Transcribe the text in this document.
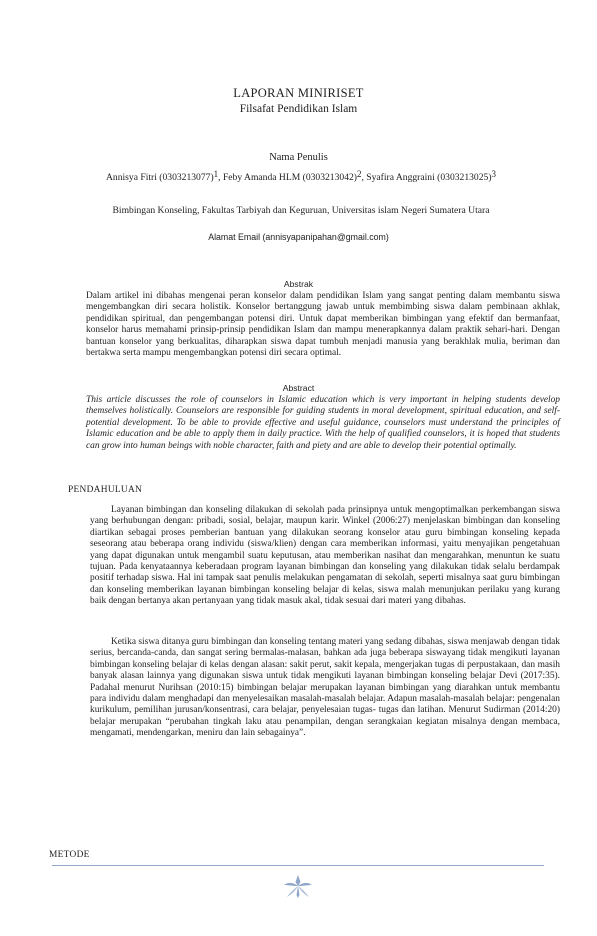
LAPORAN MINIRISET
Filsafat Pendidikan Islam
Nama Penulis
Annisya Fitri $(0303213077)^1$, Feby Amanda HLM $(0303213042)^2$, Syafira Anggraini $(0303213025)^3$
Bimbingan Konseling, Fakultas Tarbiyah dan Keguruan, Universitas islam Negeri Sumatera Utara
Alamat Email (annisyapanipahan@gmail.com)
Abstrak
Dalam artikel ini dibahas mengenai peran konselor dalam pendidikan Islam yang sangat penting dalam membantu siswa mengembangkan diri secara holistik. Konselor bertanggung jawab untuk membimbing siswa dalam pembinaan akhlak, pendidikan spiritual, dan pengembangan potensi diri. Untuk dapat memberikan bimbingan yang efektif dan bermanfaat, konselor harus memahami prinsip-prinsip pendidikan Islam dan mampu menerapkannya dalam praktik sehari-hari. Dengan bantuan konselor yang berkualitas, diharapkan siswa dapat tumbuh menjadi manusia yang berakhlak mulia, beriman dan bertakwa serta mampu mengembangkan potensi diri secara optimal.
Abstract
This article discusses the role of counselors in Islamic education which is very important in helping students develop themselves holistically. Counselors are responsible for guiding students in moral development, spiritual education, and self-potential development. To be able to provide effective and useful guidance, counselors must understand the principles of Islamic education and be able to apply them in daily practice. With the help of qualified counselors, it is hoped that students can grow into human beings with noble character, faith and piety and are able to develop their potential optimally.
PENDAHULUAN
Layanan bimbingan dan konseling dilakukan di sekolah pada prinsipnya untuk mengoptimalkan perkembangan siswa yang berhubungan dengan: pribadi, sosial, belajar, maupun karir. Winkel (2006:27) menjelaskan bimbingan dan konseling diartikan sebagai proses pemberian bantuan yang dilakukan seorang konselor atau guru bimbingan konseling kepada seseorang atau beberapa orang individu (siswa/klien) dengan cara memberikan informasi, yaitu menyajikan pengetahuan yang dapat digunakan untuk mengambil suatu keputusan, atau memberikan nasihat dan mengarahkan, menuntun ke suatu tujuan. Pada kenyataannya keberadaan program layanan bimbingan dan konseling yang dilakukan tidak selalu berdampak positif terhadap siswa. Hal ini tampak saat penulis melakukan pengamatan di sekolah, seperti misalnya saat guru bimbingan dan konseling memberikan layanan bimbingan konseling belajar di kelas, siswa malah menunjukan perilaku yang kurang baik dengan bertanya akan pertanyaan yang tidak masuk akal, tidak sesuai dari materi yang dibahas.
Ketika siswa ditanya guru bimbingan dan konseling tentang materi yang sedang dibahas, siswa menjawab dengan tidak serius, bercanda-canda, dan sangat sering bermalas-malasan, bahkan ada juga beberapa siswayang tidak mengikuti layanan bimbingan konseling belajar di kelas dengan alasan: sakit perut, sakit kepala, mengerjakan tugas di perpustakaan, dan masih banyak alasan lainnya yang digunakan siswa untuk tidak mengikuti layanan bimbingan konseling belajar Devi (2017:35). Padahal menurut Nurihsan (2010:15) bimbingan belajar merupakan layanan bimbingan yang diarahkan untuk membantu para individu dalam menghadapi dan menyelesaikan masalah-masalah belajar. Adapun masalah-masalah belajar: pengenalan kurikulum, pemilihan jurusan/konsentrasi, cara belajar, penyelesaian tugas- tugas dan latihan. Menurut Sudirman (2014:20) belajar merupakan “perubahan tingkah laku atau penampilan, dengan serangkaian kegiatan misalnya dengan membaca, mengamati, mendengarkan, meniru dan lain sebagainya”.
METODE
